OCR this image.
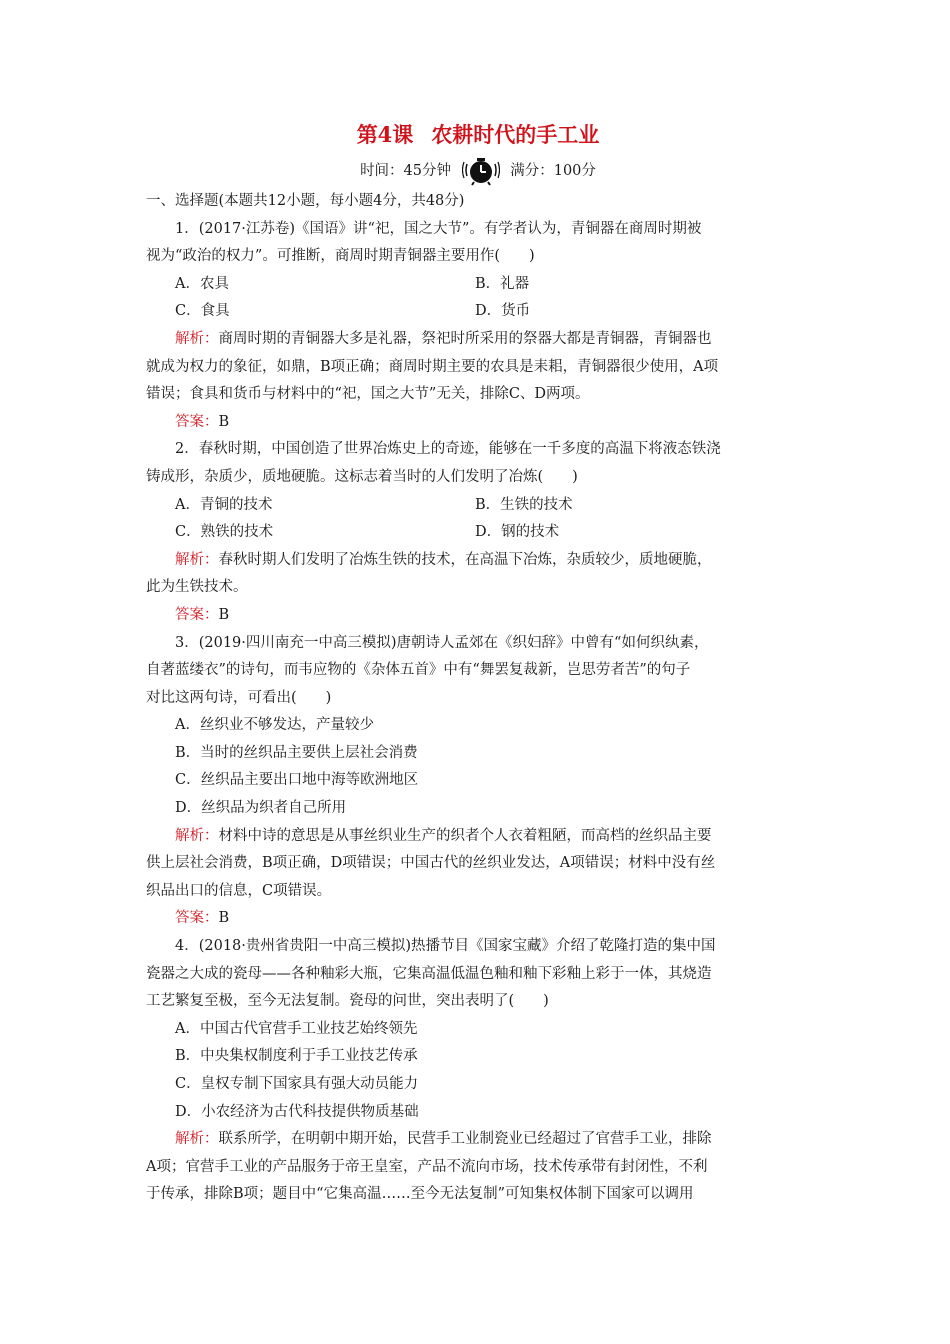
第4课 农耕时代的手工业
时间：45分钟	满分：100分
一、选择题(本题共12小题，每小题4分，共48分)
1．(2017·江苏卷)《国语》讲“祀，国之大节”。有学者认为，青铜器在商周时期被
视为“政治的权力”。可推断，商周时期青铜器主要用作(　　)
A．农具	B．礼器
C．食具	D．货币
解析：商周时期的青铜器大多是礼器，祭祀时所采用的祭器大都是青铜器，青铜器也
就成为权力的象征，如鼎，B项正确；商周时期主要的农具是耒耜，青铜器很少使用，A项
错误；食具和货币与材料中的“祀，国之大节”无关，排除C、D两项。
答案：B
2．春秋时期，中国创造了世界冶炼史上的奇迹，能够在一千多度的高温下将液态铁浇
铸成形，杂质少，质地硬脆。这标志着当时的人们发明了冶炼(　　)
A．青铜的技术	B．生铁的技术
C．熟铁的技术	D．钢的技术
解析：春秋时期人们发明了冶炼生铁的技术，在高温下冶炼，杂质较少，质地硬脆，
此为生铁技术。
答案：B
3．(2019·四川南充一中高三模拟)唐朝诗人孟郊在《织妇辞》中曾有“如何织纨素，
自著蓝缕衣”的诗句，而韦应物的《杂体五首》中有“舞罢复裁新，岂思劳者苦”的句子
对比这两句诗，可看出(　　)
A．丝织业不够发达，产量较少
B．当时的丝织品主要供上层社会消费
C．丝织品主要出口地中海等欧洲地区
D．丝织品为织者自己所用
解析：材料中诗的意思是从事丝织业生产的织者个人衣着粗陋，而高档的丝织品主要
供上层社会消费，B项正确，D项错误；中国古代的丝织业发达，A项错误；材料中没有丝
织品出口的信息，C项错误。
答案：B
4．(2018·贵州省贵阳一中高三模拟)热播节目《国家宝藏》介绍了乾隆打造的集中国
瓷器之大成的瓷母——各种釉彩大瓶，它集高温低温色釉和釉下彩釉上彩于一体，其烧造
工艺繁复至极，至今无法复制。瓷母的问世，突出表明了(　　)
A．中国古代官营手工业技艺始终领先
B．中央集权制度利于手工业技艺传承
C．皇权专制下国家具有强大动员能力
D．小农经济为古代科技提供物质基础
解析：联系所学，在明朝中期开始，民营手工业制瓷业已经超过了官营手工业，排除
A项；官营手工业的产品服务于帝王皇室，产品不流向市场，技术传承带有封闭性，不利
于传承，排除B项；题目中“它集高温……至今无法复制”可知集权体制下国家可以调用
